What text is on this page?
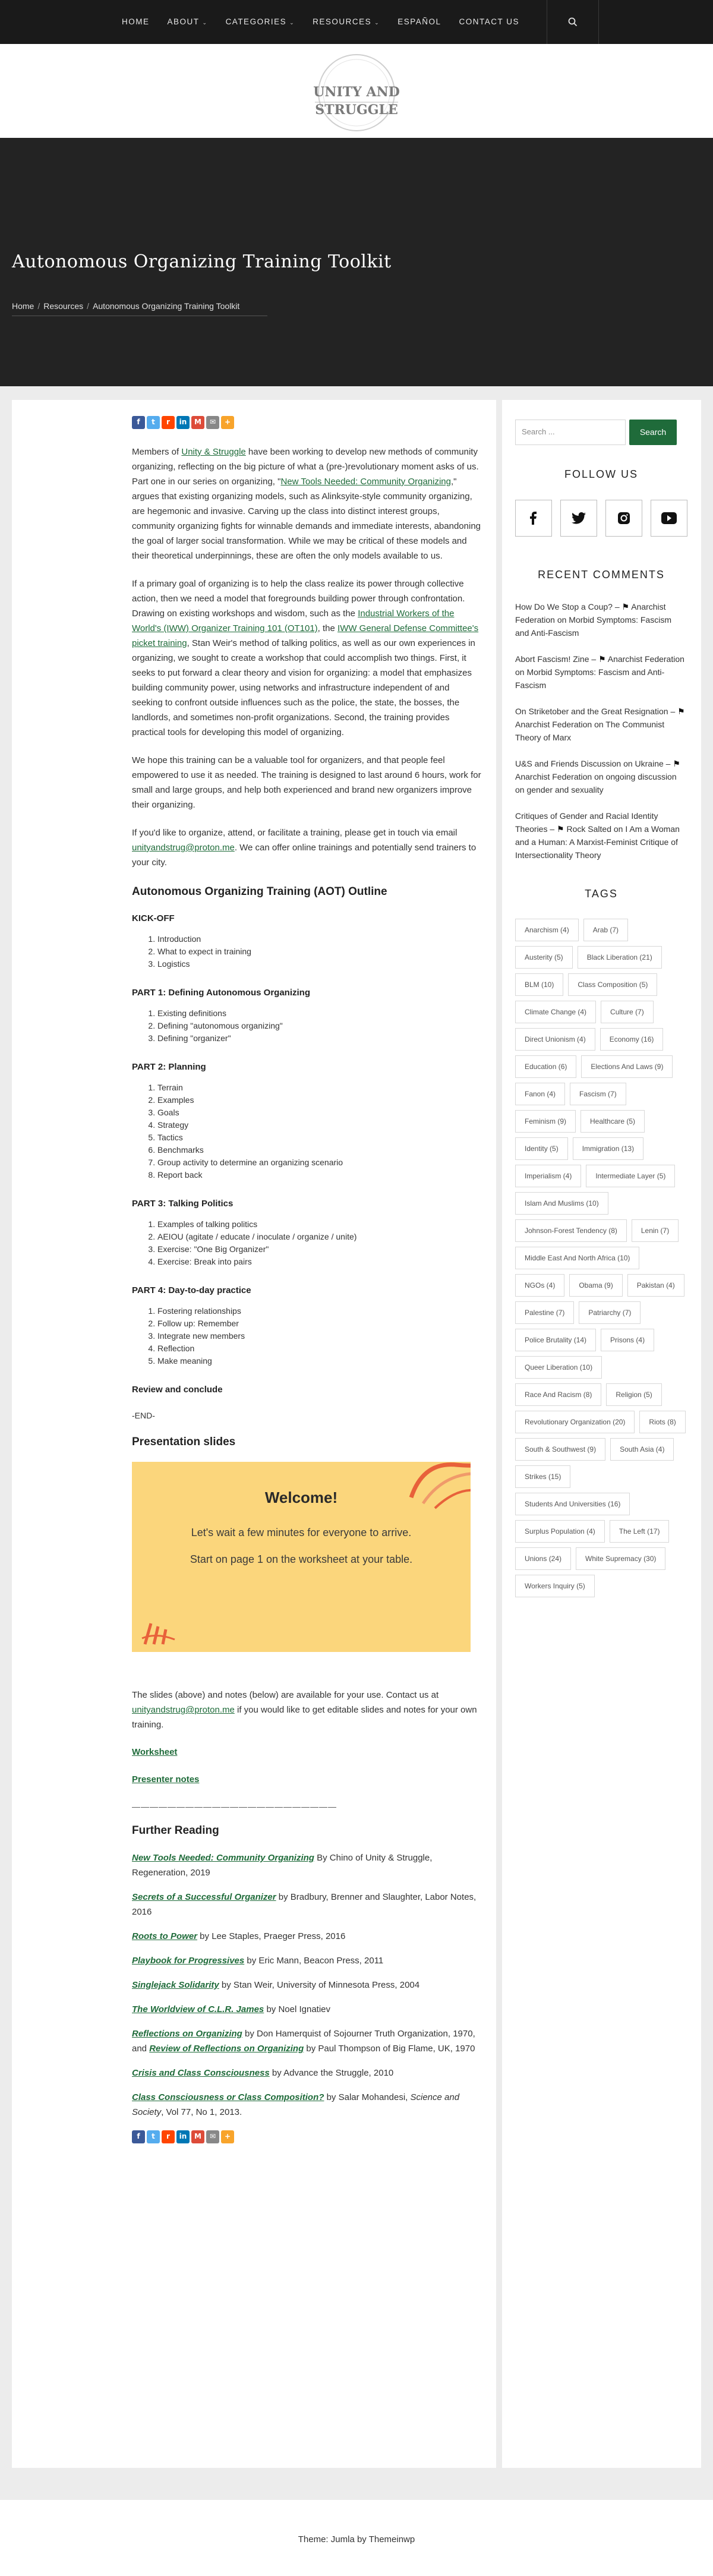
HOME ABOUT ⌄ CATEGORIES ⌄ RESOURCES ⌄ ESPAÑOL CONTACT US
UNITY AND
STRUGGLE
Autonomous Organizing Training Toolkit
Home / Resources / Autonomous Organizing Training Toolkit
f t r in M ✉ +

Members of Unity & Struggle have been working to develop new methods of community organizing, reflecting on the big picture of what a (pre-)revolutionary moment asks of us. Part one in our series on organizing, "New Tools Needed: Community Organizing," argues that existing organizing models, such as Alinksyite-style community organizing, are hegemonic and invasive. Carving up the class into distinct interest groups, community organizing fights for winnable demands and immediate interests, abandoning the goal of larger social transformation. While we may be critical of these models and their theoretical underpinnings, these are often the only models available to us.

If a primary goal of organizing is to help the class realize its power through collective action, then we need a model that foregrounds building power through confrontation. Drawing on existing workshops and wisdom, such as the Industrial Workers of the World's (IWW) Organizer Training 101 (OT101), the IWW General Defense Committee's picket training, Stan Weir's method of talking politics, as well as our own experiences in organizing, we sought to create a workshop that could accomplish two things. First, it seeks to put forward a clear theory and vision for organizing: a model that emphasizes building community power, using networks and infrastructure independent of and seeking to confront outside influences such as the police, the state, the bosses, the landlords, and sometimes non-profit organizations. Second, the training provides practical tools for developing this model of organizing.

We hope this training can be a valuable tool for organizers, and that people feel empowered to use it as needed. The training is designed to last around 6 hours, work for small and large groups, and help both experienced and brand new organizers improve their organizing.

If you'd like to organize, attend, or facilitate a training, please get in touch via email unityandstrug@proton.me. We can offer online trainings and potentially send trainers to your city.

Autonomous Organizing Training (AOT) Outline
KICK-OFF
1. Introduction
2. What to expect in training
3. Logistics
PART 1: Defining Autonomous Organizing
1. Existing definitions
2. Defining "autonomous organizing"
3. Defining "organizer"
PART 2: Planning
1. Terrain
2. Examples
3. Goals
4. Strategy
5. Tactics
6. Benchmarks
7. Group activity to determine an organizing scenario
8. Report back
PART 3: Talking Politics
1. Examples of talking politics
2. AEIOU (agitate / educate / inoculate / organize / unite)
3. Exercise: "One Big Organizer"
4. Exercise: Break into pairs
PART 4: Day-to-day practice
1. Fostering relationships
2. Follow up: Remember
3. Integrate new members
4. Reflection
5. Make meaning
Review and conclude
-END-
Presentation slides
Welcome!
Let's wait a few minutes for everyone to arrive.
Start on page 1 on the worksheet at your table.

The slides (above) and notes (below) are available for your use. Contact us at unityandstrug@proton.me if you would like to get editable slides and notes for your own training.

Worksheet
Presenter notes
———————————————————————
Further Reading

New Tools Needed: Community Organizing By Chino of Unity & Struggle, Regeneration, 2019

Secrets of a Successful Organizer by Bradbury, Brenner and Slaughter, Labor Notes, 2016

Roots to Power by Lee Staples, Praeger Press, 2016

Playbook for Progressives by Eric Mann, Beacon Press, 2011

Singlejack Solidarity by Stan Weir, University of Minnesota Press, 2004

The Worldview of C.L.R. James by Noel Ignatiev

Reflections on Organizing by Don Hamerquist of Sojourner Truth Organization, 1970, and Review of Reflections on Organizing by Paul Thompson of Big Flame, UK, 1970

Crisis and Class Consciousness by Advance the Struggle, 2010

Class Consciousness or Class Composition? by Salar Mohandesi, Science and Society, Vol 77, No 1, 2013.

f t r in M ✉ +
Search ...	Search
FOLLOW US
RECENT COMMENTS
How Do We Stop a Coup? – ⚑ Anarchist Federation on Morbid Symptoms: Fascism and Anti-Fascism
Abort Fascism! Zine – ⚑ Anarchist Federation on Morbid Symptoms: Fascism and Anti-Fascism
On Striketober and the Great Resignation – ⚑ Anarchist Federation on The Communist Theory of Marx
U&S and Friends Discussion on Ukraine – ⚑ Anarchist Federation on ongoing discussion on gender and sexuality
Critiques of Gender and Racial Identity Theories – ⚑ Rock Salted on I Am a Woman and a Human: A Marxist-Feminist Critique of Intersectionality Theory
TAGS
Anarchism (4)	Arab (7)
Austerity (5)	Black Liberation (21)
BLM (10)	Class Composition (5)
Climate Change (4)	Culture (7)
Direct Unionism (4)	Economy (16)
Education (6)	Elections And Laws (9)
Fanon (4)	Fascism (7)
Feminism (9)	Healthcare (5)
Identity (5)	Immigration (13)
Imperialism (4)	Intermediate Layer (5)
Islam And Muslims (10)
Johnson-Forest Tendency (8)	Lenin (7)
Middle East And North Africa (10)
NGOs (4)	Obama (9)	Pakistan (4)
Palestine (7)	Patriarchy (7)
Police Brutality (14)	Prisons (4)
Queer Liberation (10)
Race And Racism (8)	Religion (5)
Revolutionary Organization (20)	Riots (8)
South & Southwest (9)	South Asia (4)
Strikes (15)
Students And Universities (16)
Surplus Population (4)	The Left (17)
Unions (24)	White Supremacy (30)
Workers Inquiry (5)
Theme: Jumla by Themeinwp
